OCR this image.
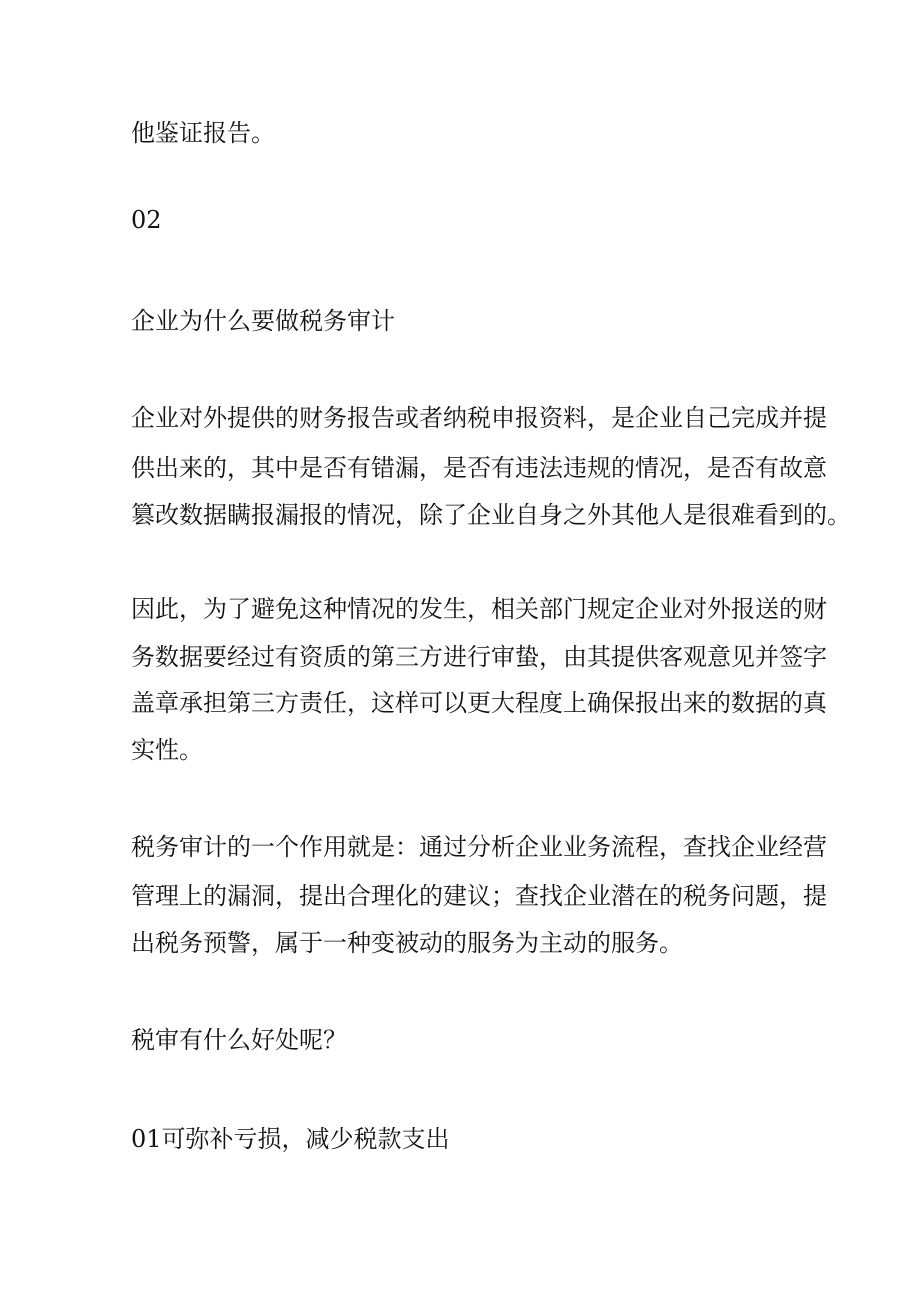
他鉴证报告。

02

企业为什么要做税务审计

企业对外提供的财务报告或者纳税申报资料，是企业自己完成并提

供出来的，其中是否有错漏，是否有违法违规的情况，是否有故意

篡改数据瞒报漏报的情况，除了企业自身之外其他人是很难看到的。

因此，为了避免这种情况的发生，相关部门规定企业对外报送的财

务数据要经过有资质的第三方进行审蛰，由其提供客观意见并签字

盖章承担第三方责任，这样可以更大程度上确保报出来的数据的真

实性。

税务审计的一个作用就是：通过分析企业业务流程，查找企业经营

管理上的漏洞，提出合理化的建议；查找企业潜在的税务问题，提

出税务预警，属于一种变被动的服务为主动的服务。

税审有什么好处呢？

01可弥补亏损，减少税款支出
